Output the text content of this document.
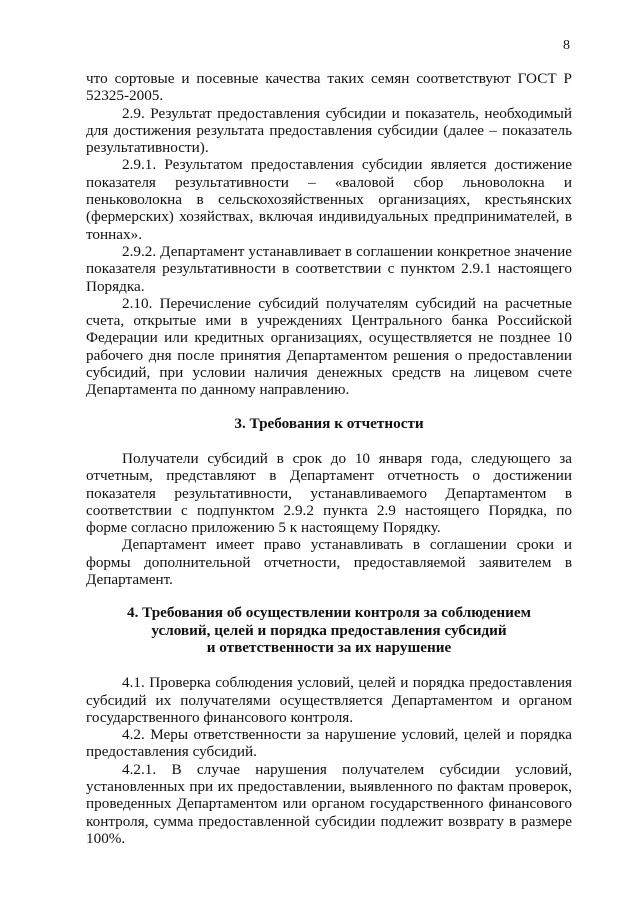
8

что сортовые и посевные качества таких семян соответствуют ГОСТ Р 52325-2005.

2.9. Результат предоставления субсидии и показатель, необходимый для достижения результата предоставления субсидии (далее – показатель результативности).

2.9.1. Результатом предоставления субсидии является достижение показателя результативности – «валовой сбор льноволокна и пеньковолокна в сельскохозяйственных организациях, крестьянских (фермерских) хозяйствах, включая индивидуальных предпринимателей, в тоннах».

2.9.2. Департамент устанавливает в соглашении конкретное значение показателя результативности в соответствии с пунктом 2.9.1 настоящего Порядка.

2.10. Перечисление субсидий получателям субсидий на расчетные счета, открытые ими в учреждениях Центрального банка Российской Федерации или кредитных организациях, осуществляется не позднее 10 рабочего дня после принятия Департаментом решения о предоставлении субсидий, при условии наличия денежных средств на лицевом счете Департамента по данному направлению.

3. Требования к отчетности

Получатели субсидий в срок до 10 января года, следующего за отчетным, представляют в Департамент отчетность о достижении показателя результативности, устанавливаемого Департаментом в соответствии с подпунктом 2.9.2 пункта 2.9 настоящего Порядка, по форме согласно приложению 5 к настоящему Порядку.

Департамент имеет право устанавливать в соглашении сроки и формы дополнительной отчетности, предоставляемой заявителем в Департамент.

4. Требования об осуществлении контроля за соблюдением
условий, целей и порядка предоставления субсидий
и ответственности за их нарушение

4.1. Проверка соблюдения условий, целей и порядка предоставления субсидий их получателями осуществляется Департаментом и органом государственного финансового контроля.

4.2. Меры ответственности за нарушение условий, целей и порядка предоставления субсидий.

4.2.1. В случае нарушения получателем субсидии условий, установленных при их предоставлении, выявленного по фактам проверок, проведенных Департаментом или органом государственного финансового контроля, сумма предоставленной субсидии подлежит возврату в размере 100%.
